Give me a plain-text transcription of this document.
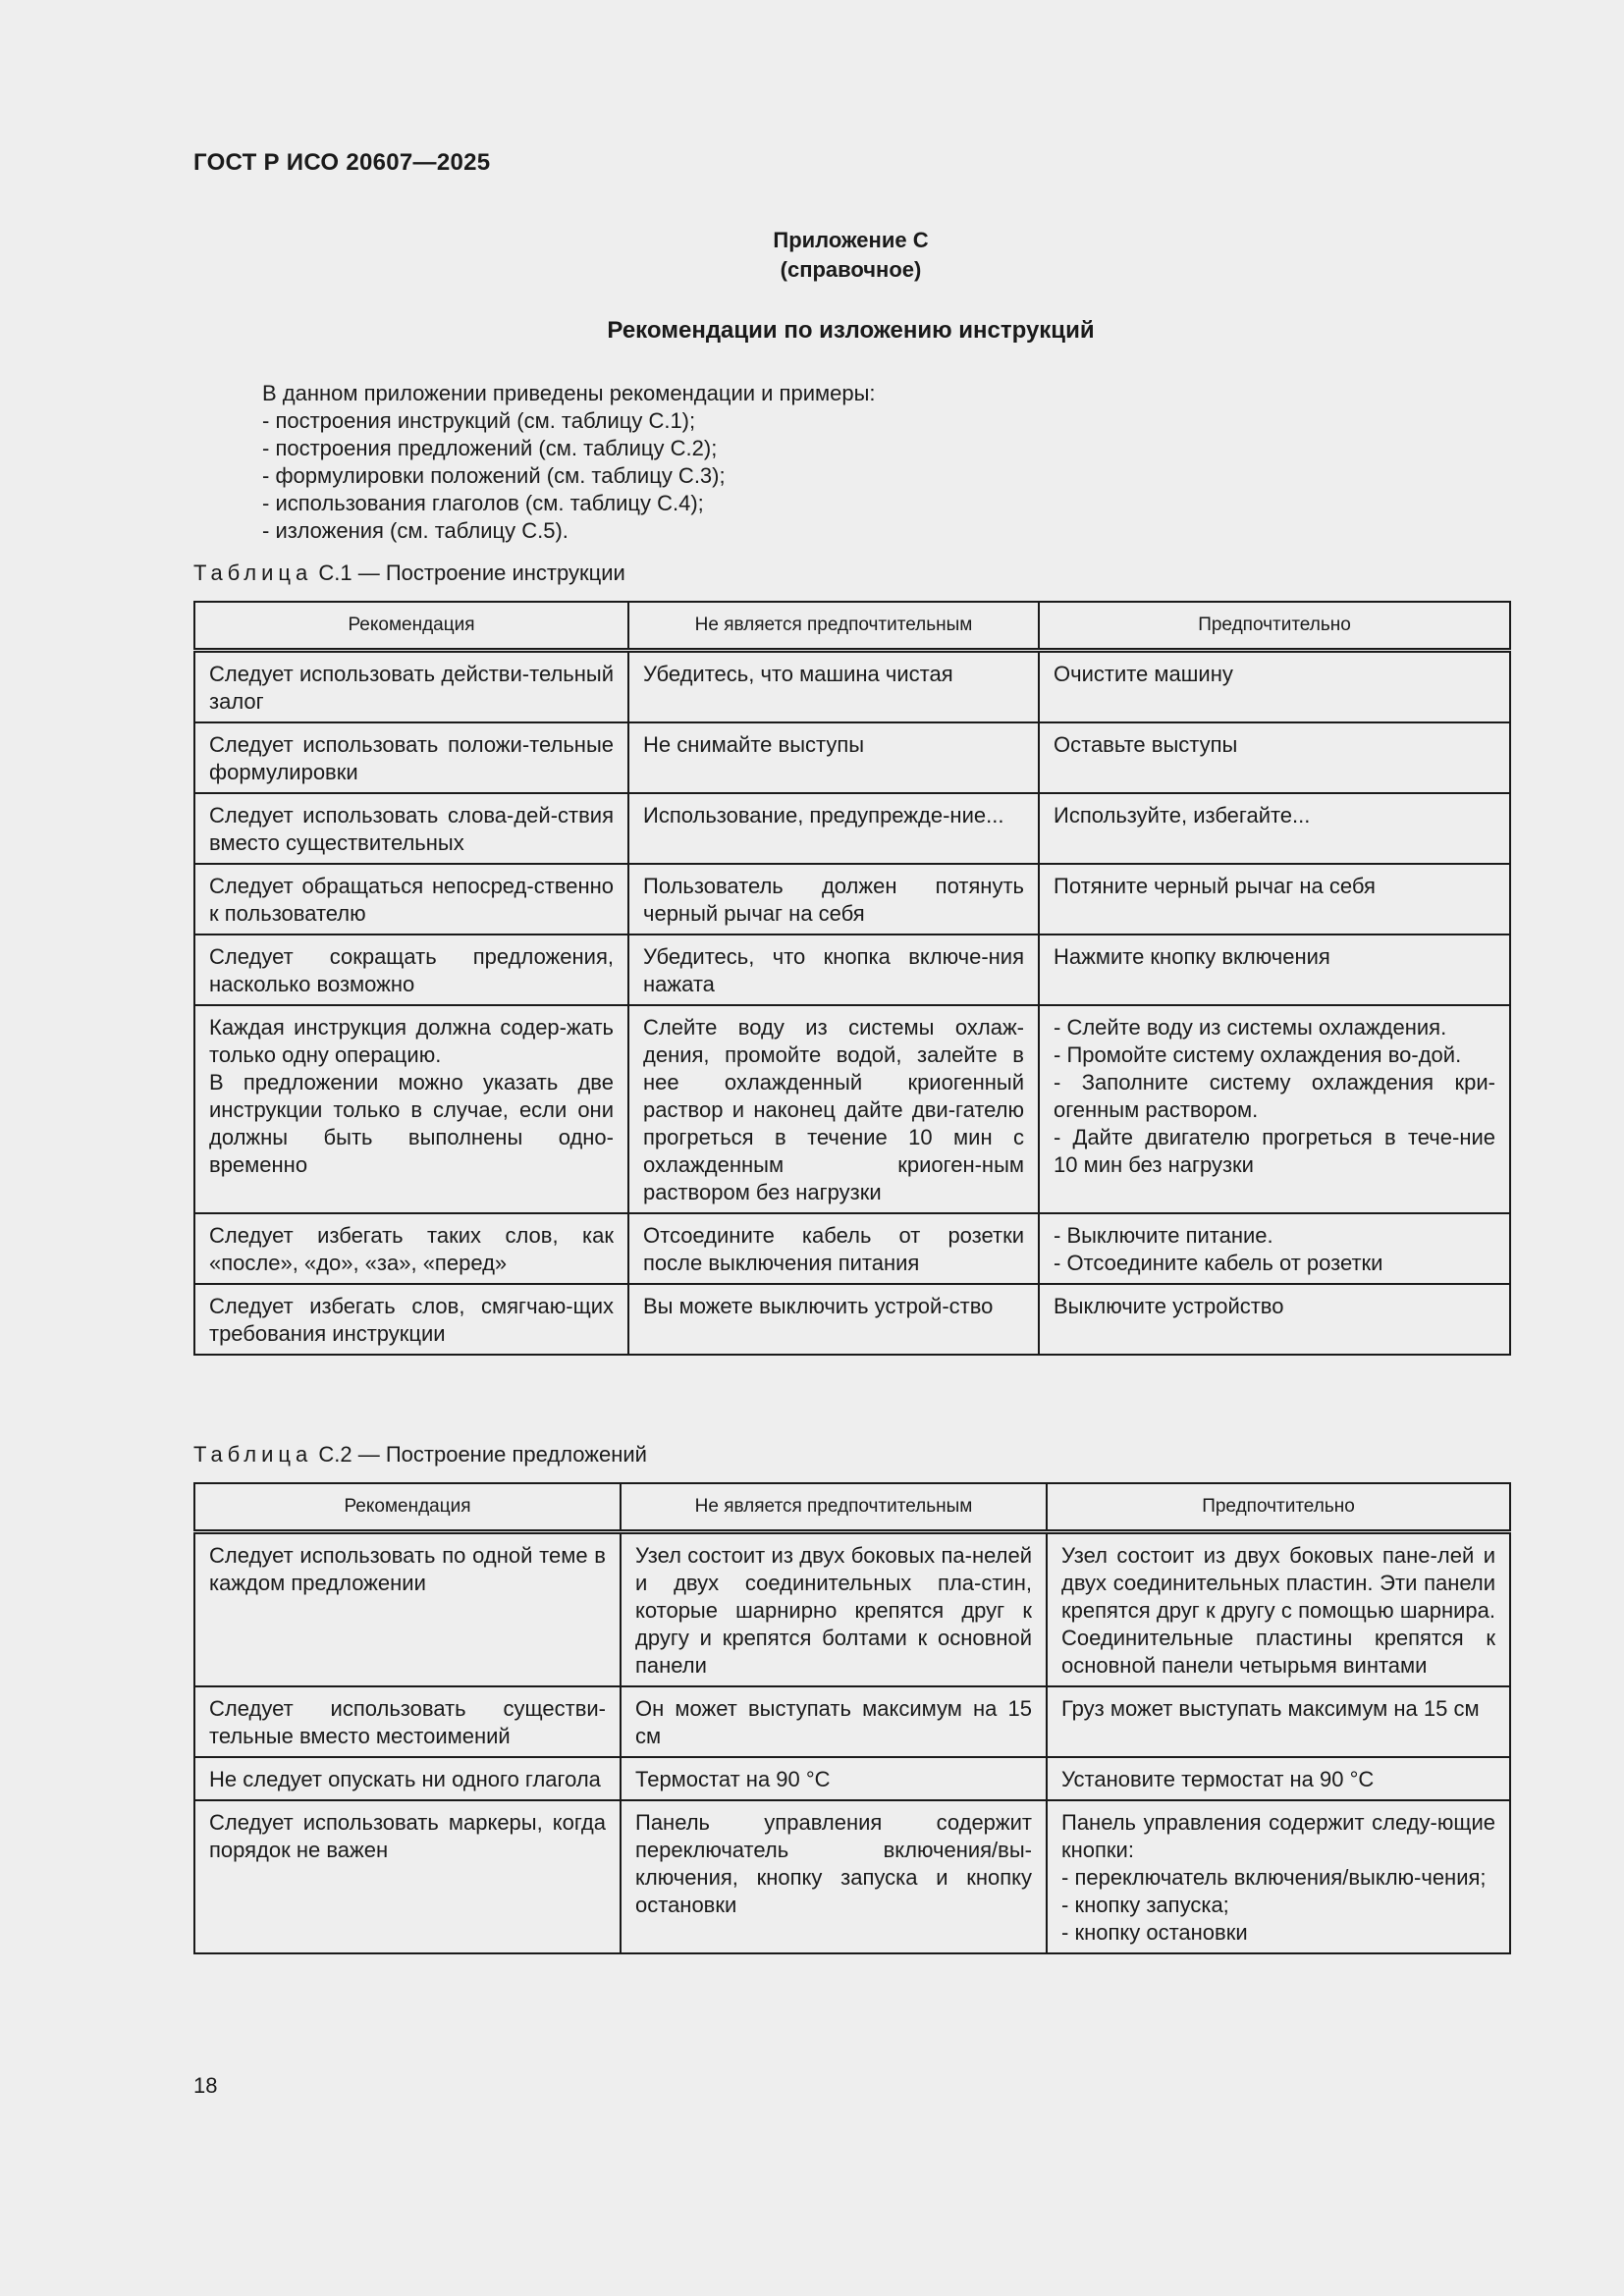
ГОСТ Р ИСО 20607—2025
Приложение С
(справочное)
Рекомендации по изложению инструкций
В данном приложении приведены рекомендации и примеры:
- построения инструкций (см. таблицу С.1);
- построения предложений (см. таблицу С.2);
- формулировки положений (см. таблицу С.3);
- использования глаголов (см. таблицу С.4);
- изложения (см. таблицу С.5).
Таблица С.1 — Построение инструкции
Рекомендация	Не является предпочтительным	Предпочтительно

Следует использовать действи-тельный залог	Убедитесь, что машина чистая	Очистите машину

Следует использовать положи-тельные формулировки	Не снимайте выступы	Оставьте выступы

Следует использовать слова-дей-ствия вместо существительных	Использование, предупрежде-ние...	Используйте, избегайте...

Следует обращаться непосред-ственно к пользователю	Пользователь должен потянуть черный рычаг на себя	Потяните черный рычаг на себя

Следует сокращать предложения, насколько возможно	Убедитесь, что кнопка включе-ния нажата	Нажмите кнопку включения

Каждая инструкция должна содер-жать только одну операцию.
В предложении можно указать две инструкции только в случае, если они должны быть выполнены одно-временно	Слейте воду из системы охлаж-дения, промойте водой, залейте в нее охлажденный криогенный раствор и наконец дайте дви-гателю прогреться в течение 10 мин с охлажденным криоген-ным раствором без нагрузки	- Слейте воду из системы охлаждения.
- Промойте систему охлаждения во-дой.
- Заполните систему охлаждения кри-огенным раствором.
- Дайте двигателю прогреться в тече-ние 10 мин без нагрузки

Следует избегать таких слов, как «после», «до», «за», «перед»	Отсоедините кабель от розетки после выключения питания	- Выключите питание.
- Отсоедините кабель от розетки

Следует избегать слов, смягчаю-щих требования инструкции	Вы можете выключить устрой-ство	Выключите устройство
Таблица С.2 — Построение предложений
Рекомендация	Не является предпочтительным	Предпочтительно

Следует использовать по одной теме в каждом предложении	Узел состоит из двух боковых па-нелей и двух соединительных пла-стин, которые шарнирно крепятся друг к другу и крепятся болтами к основной панели	Узел состоит из двух боковых пане-лей и двух соединительных пластин. Эти панели крепятся друг к другу с помощью шарнира. Соединительные пластины крепятся к основной панели четырьмя винтами

Следует использовать существи-тельные вместо местоимений	Он может выступать максимум на 15 см	Груз может выступать максимум на 15 см

Не следует опускать ни одного глагола	Термостат на 90 °С	Установите термостат на 90 °С

Следует использовать маркеры, когда порядок не важен	Панель управления содержит переключатель включения/вы-ключения, кнопку запуска и кнопку остановки	Панель управления содержит следу-ющие кнопки:
- переключатель включения/выклю-чения;
- кнопку запуска;
- кнопку остановки
18
